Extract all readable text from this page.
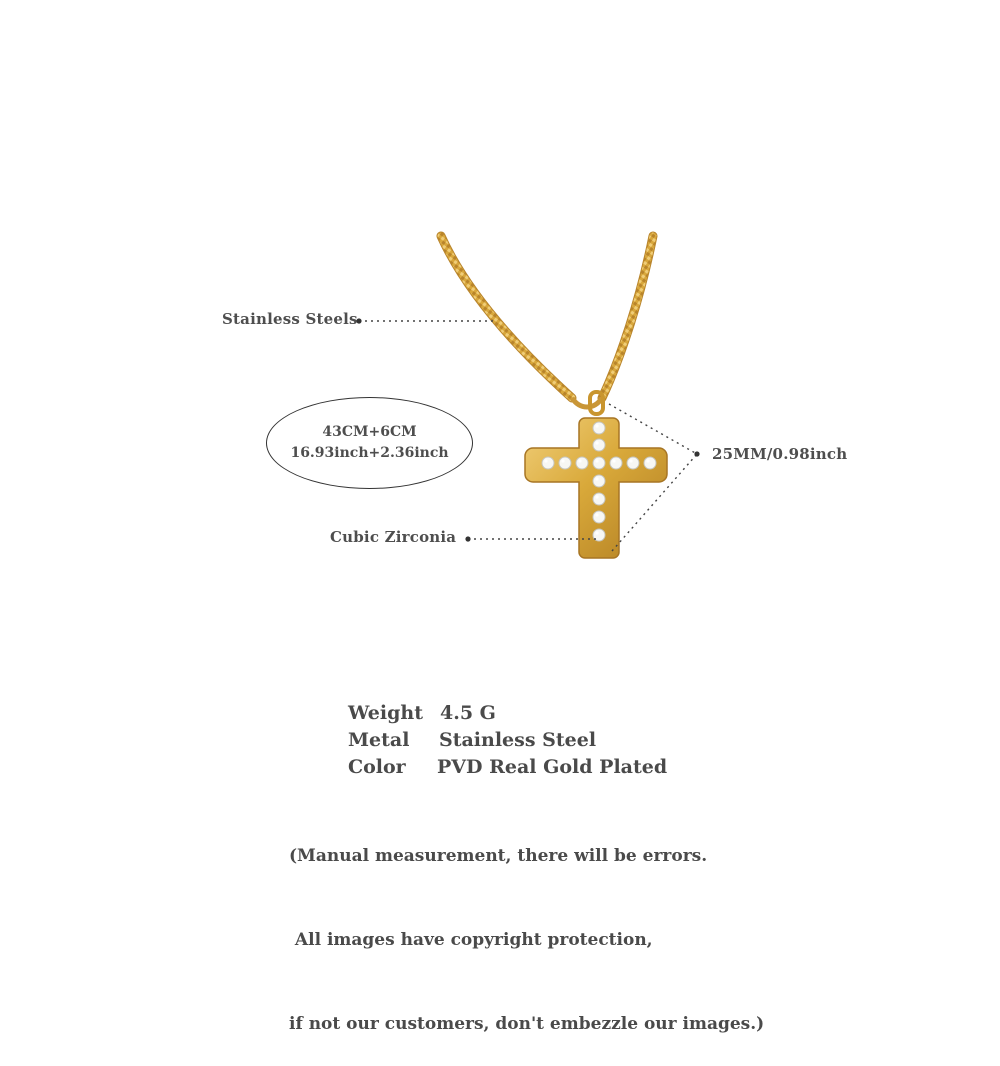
Stainless Steels
Cubic Zirconia
25MM/0.98inch
43CM+6CM
16.93inch+2.36inch
Weight 4.5 G
Metal Stainless Steel
Color PVD Real Gold Plated

(Manual measurement, there will be errors.

All images have copyright protection,

if not our customers, don't embezzle our images.)
